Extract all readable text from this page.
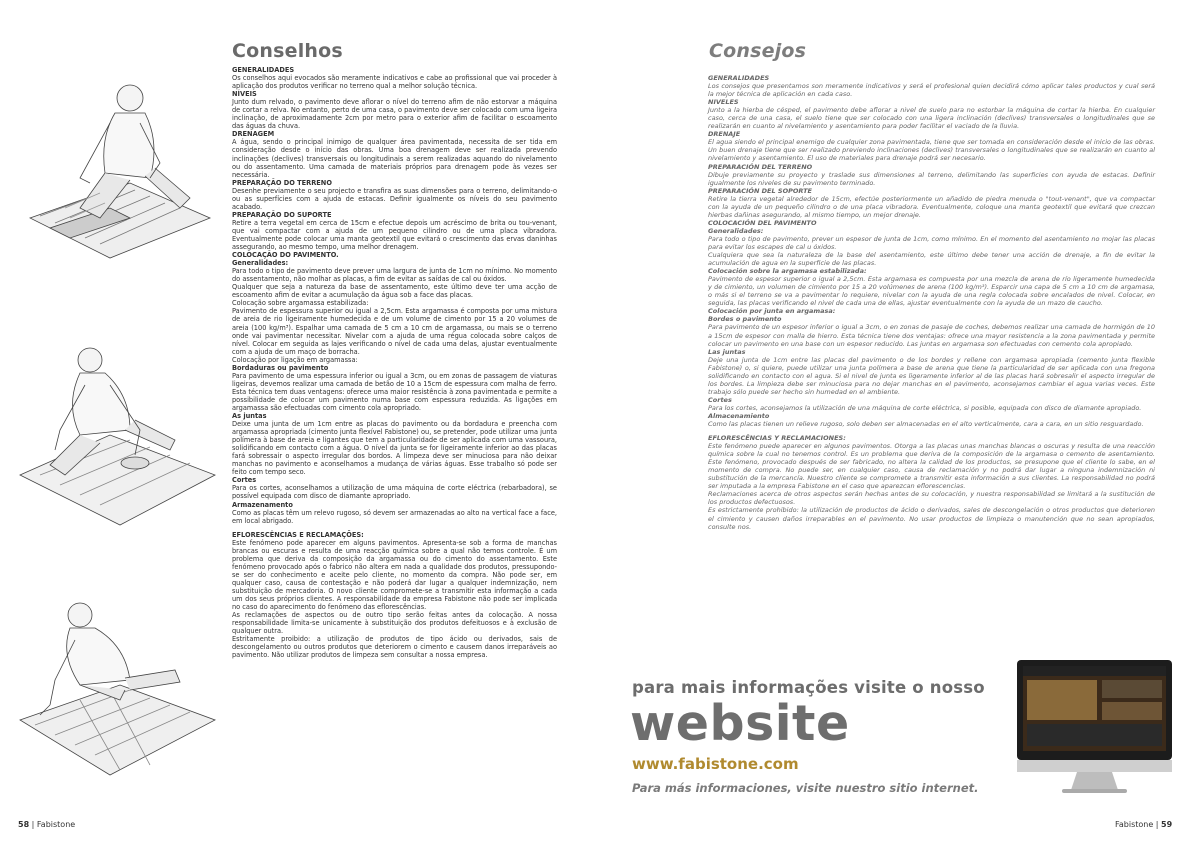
Conselhos

GENERALIDADES

Os conselhos aqui evocados são meramente indicativos e cabe ao profissional que vai proceder à aplicação dos produtos verificar no terreno qual a melhor solução técnica.

NÍVEIS

Junto dum relvado, o pavimento deve aflorar o nível do terreno afim de não estorvar a máquina de cortar a relva. No entanto, perto de uma casa, o pavimento deve ser colocado com uma ligeira inclinação, de aproximadamente 2cm por metro para o exterior afim de facilitar o escoamento das águas da chuva.

DRENAGEM

A água, sendo o principal inimigo de qualquer área pavimentada, necessita de ser tida em consideração desde o início das obras. Uma boa drenagem deve ser realizada prevendo inclinações (declives) transversais ou longitudinais a serem realizadas aquando do nivelamento ou do assentamento. Uma camada de materiais próprios para drenagem pode às vezes ser necessária.

PREPARAÇÃO DO TERRENO

Desenhe previamente o seu projecto e transfira as suas dimensões para o terreno, delimitando-o ou as superfícies com a ajuda de estacas. Definir igualmente os níveis do seu pavimento acabado.

PREPARAÇÃO DO SUPORTE

Retire a terra vegetal em cerca de 15cm e efectue depois um acréscimo de brita ou tou-venant, que vai compactar com a ajuda de um pequeno cilindro ou de uma placa vibradora. Eventualmente pode colocar uma manta geotextil que evitará o crescimento das ervas daninhas assegurando, ao mesmo tempo, uma melhor drenagem.

COLOCAÇÃO DO PAVIMENTO.

Generalidades:

Para todo o tipo de pavimento deve prever uma largura de junta de 1cm no mínimo. No momento do assentamento, não molhar as placas, a fim de evitar as saídas de cal ou óxidos.

Qualquer que seja a natureza da base de assentamento, este último deve ter uma acção de escoamento afim de evitar a acumulação da água sob a face das placas.

Colocação sobre argamassa estabilizada:

Pavimento de espessura superior ou igual a 2,5cm. Esta argamassa é composta por uma mistura de areia de rio ligeiramente humedecida e de um volume de cimento por 15 a 20 volumes de areia (100 kg/m³). Espalhar uma camada de 5 cm a 10 cm de argamassa, ou mais se o terreno onde vai pavimentar necessitar. Nivelar com a ajuda de uma régua colocada sobre calços de nível. Colocar em seguida as lajes verificando o nível de cada uma delas, ajustar eventualmente com a ajuda de um maço de borracha.

Colocação por ligação em argamassa:

Bordaduras ou pavimento

Para pavimento de uma espessura inferior ou igual a 3cm, ou em zonas de passagem de viaturas ligeiras, devemos realizar uma camada de betão de 10 a 15cm de espessura com malha de ferro. Esta técnica tem duas ventagens: oferece uma maior resistência à zona pavimentada e permite a possibilidade de colocar um pavimento numa base com espessura reduzida. As ligações em argamassa são efectuadas com cimento cola apropriado.

As juntas

Deixe uma junta de um 1cm entre as placas do pavimento ou da bordadura e preencha com argamassa apropriada (cimento junta flexível Fabistone) ou, se pretender, pode utilizar uma junta polímera à base de areia e ligantes que tem a particularidade de ser aplicada com uma vassoura, solidificando em contacto com a água. O nível da junta se for ligeiramente inferior ao das placas fará sobressair o aspecto irregular dos bordos. A limpeza deve ser minuciosa para não deixar manchas no pavimento e aconselhamos a mudança de várias águas. Esse trabalho só pode ser feito com tempo seco.

Cortes

Para os cortes, aconselhamos a utilização de uma máquina de corte eléctrica (rebarbadora), se possível equipada com disco de diamante apropriado.

Armazenamento

Como as placas têm um relevo rugoso, só devem ser armazenadas ao alto na vertical face a face, em local abrigado.

EFLORESCÊNCIAS E RECLAMAÇÕES:

Este fenómeno pode aparecer em alguns pavimentos. Apresenta-se sob a forma de manchas brancas ou escuras e resulta de uma reacção química sobre a qual não temos controle. É um problema que deriva da composição da argamassa ou do cimento do assentamento. Este fenómeno provocado após o fabrico não altera em nada a qualidade dos produtos, pressupondo-se ser do conhecimento e aceite pelo cliente, no momento da compra. Não pode ser, em qualquer caso, causa de contestação e não poderá dar lugar a qualquer indemnização, nem substituição de mercadoria. O novo cliente compromete-se a transmitir esta informação a cada um dos seus próprios clientes. A responsabilidade da empresa Fabistone não pode ser implicada no caso do aparecimento do fenómeno das eflorescências.

As reclamações de aspectos ou de outro tipo serão feitas antes da colocação. A nossa responsabilidade limita-se unicamente à substituição dos produtos defeituosos e à exclusão de qualquer outra.

Estritamente proibido: a utilização de produtos de tipo ácido ou derivados, sais de descongelamento ou outros produtos que deteriorem o cimento e causem danos irreparáveis ao pavimento. Não utilizar produtos de limpeza sem consultar a nossa empresa.

58 | Fabistone
Consejos

GENERALIDADES

Los consejos que presentamos son meramente indicativos y será el profesional quien decidirá cómo aplicar tales productos y cual será la mejor técnica de aplicación en cada caso.

NIVELES

Junto a la hierba de césped, el pavimento debe aflorar a nivel de suelo para no estorbar la máquina de cortar la hierba. En cualquier caso, cerca de una casa, el suelo tiene que ser colocado con una ligera inclinación (declives) transversales o longitudinales que se realizarán en cuanto al nivelamiento y asentamiento para poder facilitar el vaciado de la lluvia.

DRENAJE

El agua siendo el principal enemigo de cualquier zona pavimentada, tiene que ser tomada en consideración desde el inicio de las obras. Un buen drenaje tiene que ser realizado previendo inclinaciones (declives) transversales o longitudinales que se realizarán en cuanto al nivelamiento y asentamiento. El uso de materiales para drenaje podrá ser necesario.

PREPARACIÓN DEL TERRENO

Dibuje previamente su proyecto y traslade sus dimensiones al terreno, delimitando las superficies con ayuda de estacas. Definir igualmente los niveles de su pavimento terminado.

PREPARACIÓN DEL SOPORTE

Retire la tierra vegetal alrededor de 15cm, efectúe posteriormente un añadido de piedra menuda o "tout-venant", que va compactar con la ayuda de un pequeño cilindro o de una placa vibradora. Eventualmente, coloque una manta geotextil que evitará que crezcan hierbas dañinas asegurando, al mismo tiempo, un mejor drenaje.

COLOCACIÓN DEL PAVIMENTO

Generalidades:

Para todo o tipo de pavimento, prever un espesor de junta de 1cm, como mínimo. En el momento del asentamiento no mojar las placas para evitar los escapes de cal u óxidos.

Cualquiera que sea la naturaleza de la base del asentamiento, este último debe tener una acción de drenaje, a fin de evitar la acumulación de agua en la superficie de las placas.

Colocación sobre la argamasa estabilizada:

Pavimento de espesor superior o igual a 2,5cm. Esta argamasa es compuesta por una mezcla de arena de río ligeramente humedecida y de cimiento, un volumen de cimiento por 15 a 20 volúmenes de arena (100 kg/m³). Esparcir una capa de 5 cm a 10 cm de argamasa, o más si el terreno se va a pavimentar lo requiere, nivelar con la ayuda de una regla colocada sobre encalados de nivel. Colocar, en seguida, las placas verificando el nivel de cada una de ellas, ajustar eventualmente con la ayuda de un mazo de caucho.

Colocación por junta en argamasa:

Bordes o pavimento

Para pavimento de un espesor inferior o igual a 3cm, o en zonas de pasaje de coches, debemos realizar una camada de hormigón de 10 a 15cm de espesor con malla de hierro. Esta técnica tiene dos ventajas: ofrece una mayor resistencia a la zona pavimentada y permite colocar un pavimento en una base con un espesor reducido. Las juntas en argamasa son efectuadas con cemento cola apropiado.

Las juntas

Deje una junta de 1cm entre las placas del pavimento o de los bordes y rellene con argamasa apropiada (cemento junta flexible Fabistone) o, si quiere, puede utilizar una junta polímera a base de arena que tiene la particularidad de ser aplicada con una fregona solidificando en contacto con el agua. Si el nivel de junta es ligeramente inferior al de las placas hará sobresalir el aspecto irregular de los bordes. La limpieza debe ser minuciosa para no dejar manchas en el pavimento, aconsejamos cambiar el agua varias veces. Este trabajo sólo puede ser hecho sin humedad en el ambiente.

Cortes

Para los cortes, aconsejamos la utilización de una máquina de corte eléctrica, si posible, equipada con disco de diamante apropiado.

Almacenamiento

Como las placas tienen un relieve rugoso, solo deben ser almacenadas en el alto verticalmente, cara a cara, en un sitio resguardado.

EFLORESCÊNCIAS Y RECLAMACIONES:

Este fenómeno puede aparecer en algunos pavimentos. Otorga a las placas unas manchas blancas o oscuras y resulta de una reacción química sobre la cual no tenemos control. Es un problema que deriva de la composición de la argamasa o cemento de asentamiento. Este fenómeno, provocado después de ser fabricado, no altera la calidad de los productos, se presupone que el cliente lo sabe, en el momento de compra. No puede ser, en cualquier caso, causa de reclamación y no podrá dar lugar a ninguna indemnización ni substitución de la mercancía. Nuestro cliente se compromete a transmitir esta información a sus clientes. La responsabilidad no podrá ser imputada a la empresa Fabistone en el caso que aparezcan eflorescencias.

Reclamaciones acerca de otros aspectos serán hechas antes de su colocación, y nuestra responsabilidad se limitará a la sustitución de los productos defectuosos.

Es estrictamente prohibido: la utilización de productos de ácido o derivados, sales de descongelación o otros productos que deterioren el cimiento y causen daños irreparables en el pavimento. No usar productos de limpieza o manutención que no sean apropiados, consulte nos.

Fabistone | 59
para mais informações visite o nosso
website
www.fabistone.com
Para más informaciones, visite nuestro sitio internet.
